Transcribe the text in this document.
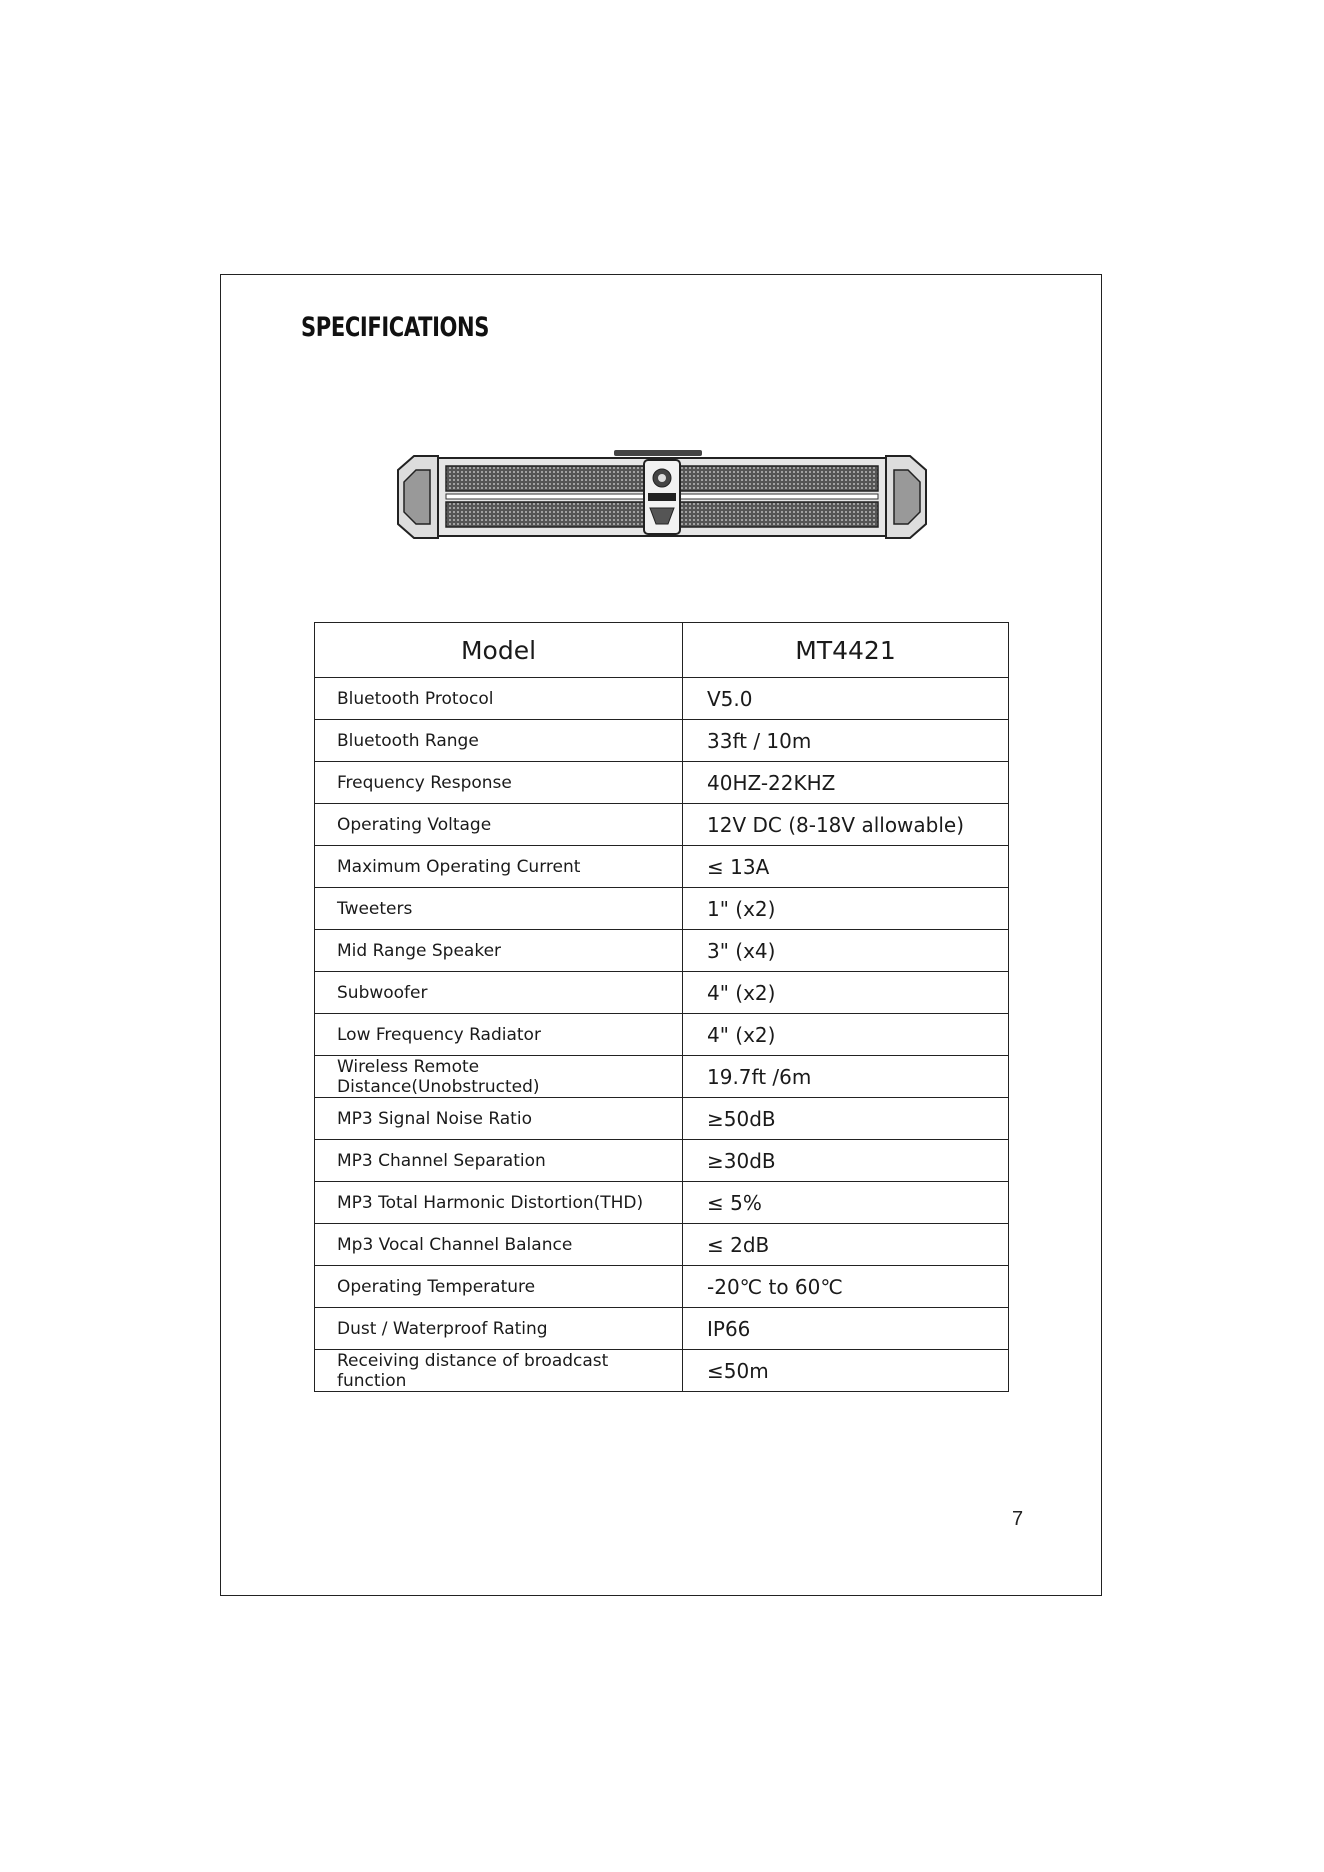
SPECIFICATIONS
Model	MT4421
Bluetooth Protocol	V5.0
Bluetooth Range	33ft / 10m
Frequency Response	40HZ-22KHZ
Operating Voltage	12V DC (8-18V allowable)
Maximum Operating Current	≤ 13A
Tweeters	1" (x2)
Mid Range Speaker	3" (x4)
Subwoofer	4" (x2)
Low Frequency Radiator	4" (x2)
Wireless Remote Distance(Unobstructed)	19.7ft /6m
MP3 Signal Noise Ratio	≥50dB
MP3 Channel Separation	≥30dB
MP3 Total Harmonic Distortion(THD)	≤ 5%
Mp3 Vocal Channel Balance	≤ 2dB
Operating Temperature	-20℃ to 60℃
Dust / Waterproof Rating	IP66
Receiving distance of broadcast function	≤50m
7
